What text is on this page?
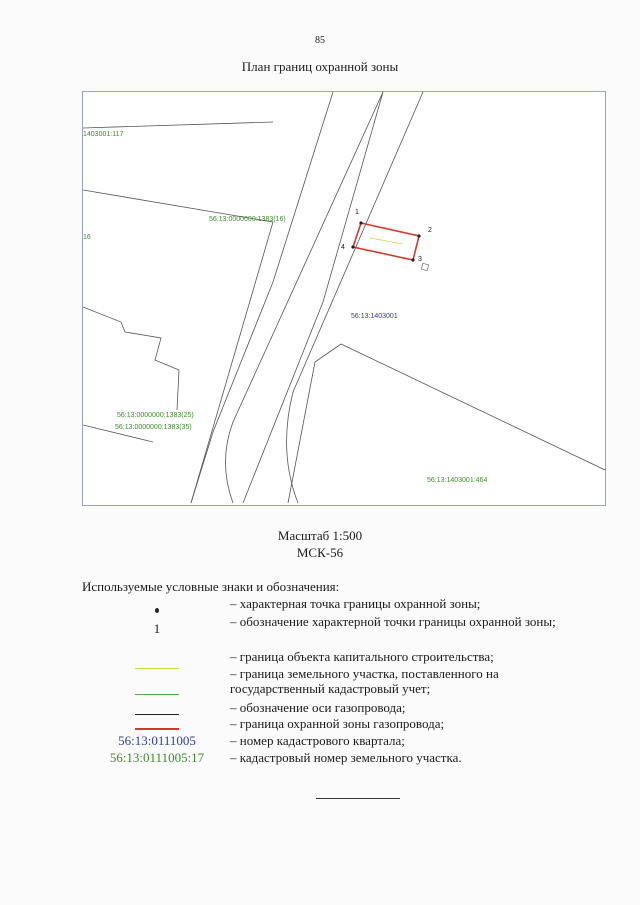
85
План границ охранной зоны
1403001:117
16
56:13:0000000:1383(16)
56:13:1403001
56:13:0000000:1383(25)
56:13:0000000:1383(35)
56:13:1403001:464
1
2
3
4
Масштаб 1:500
МСК-56
Используемые условные знаки и обозначения:
– характерная точка границы охранной зоны;
1	– обозначение характерной точки границы охранной зоны;
– граница объекта капитального строительства;
– граница земельного участка, поставленного на государственный кадастровый учет;
– обозначение оси газопровода;
– граница охранной зоны газопровода;
56:13:0111005	– номер кадастрового квартала;
56:13:0111005:17	– кадастровый номер земельного участка.
